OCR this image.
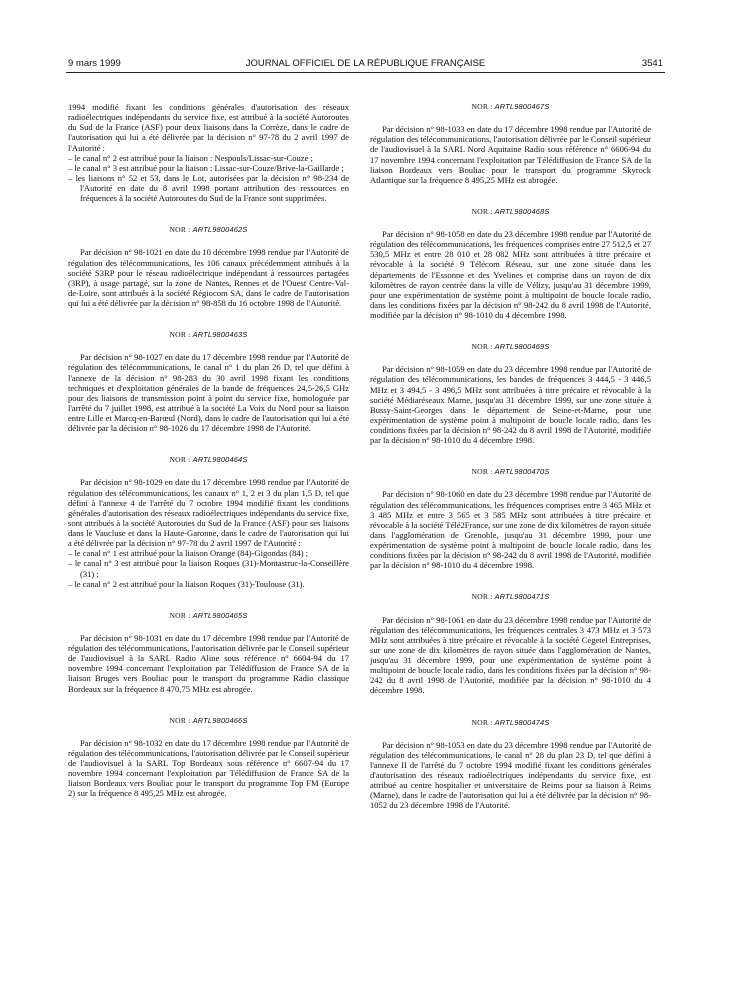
9 mars 1999	JOURNAL OFFICIEL DE LA RÉPUBLIQUE FRANÇAISE	3541

1994 modifié fixant les conditions générales d'autorisation des réseaux radioélectriques indépendants du service fixe, est attribué à la société Autoroutes du Sud de la France (ASF) pour deux liaisons dans la Corrèze, dans le cadre de l'autorisation qui lui a été délivrée par la décision n° 97-78 du 2 avril 1997 de l'Autorité :

– le canal n° 2 est attribué pour la liaison : Nespouls/Lissac-sur-Couze ;
– le canal n° 3 est attribué pour la liaison : Lissac-sur-Couze/Brive-la-Gaillarde ;
– les liaisons n° 52 et 53, dans le Lot, autorisées par la décision n° 98-234 de l'Autorité en date du 8 avril 1998 portant attribution des ressources en fréquences à la société Autoroutes du Sud de la France sont supprimées.
NOR : ARTL9800462S

Par décision n° 98-1021 en date du 10 décembre 1998 rendue par l'Autorité de régulation des télécommunications, les 106 canaux précédemment attribués à la société S3RP pour le réseau radioélectrique indépendant à ressources partagées (3RP), à usage partagé, sur la zone de Nantes, Rennes et de l'Ouest Centre-Val-de-Loire, sont attribués à la société Régiocom SA, dans le cadre de l'autorisation qui lui a été délivrée par la décision n° 98-858 du 16 octobre 1998 de l'Autorité.

NOR : ARTL9800463S

Par décision n° 98-1027 en date du 17 décembre 1998 rendue par l'Autorité de régulation des télécommunications, le canal n° 1 du plan 26 D, tel que défini à l'annexe de la décision n° 98-283 du 30 avril 1998 fixant les conditions techniques et d'exploitation générales de la bande de fréquences 24,5-26,5 GHz pour des liaisons de transmission point à point du service fixe, homologuée par l'arrêté du 7 juillet 1998, est attribué à la société La Voix du Nord pour sa liaison entre Lille et Marcq-en-Barœul (Nord), dans le cadre de l'autorisation qui lui a été délivrée par la décision n° 98-1026 du 17 décembre 1998 de l'Autorité.

NOR : ARTL9800464S

Par décision n° 98-1029 en date du 17 décembre 1998 rendue par l'Autorité de régulation des télécommunications, les canaux n° 1, 2 et 3 du plan 1,5 D, tel que défini à l'annexe 4 de l'arrêté du 7 octobre 1994 modifié fixant les conditions générales d'autorisation des réseaux radioélectriques indépendants du service fixe, sont attribués à la société Autoroutes du Sud de la France (ASF) pour ses liaisons dans le Vaucluse et dans la Haute-Garonne, dans le cadre de l'autorisation qui lui a été délivrée par la décision n° 97-78 du 2 avril 1997 de l'Autorité :

– le canal n° 1 est attribué pour la liaison Orange (84)-Gigondas (84) ;
– le canal n° 3 est attribué pour la liaison Roques (31)-Montastruc-la-Conseillère (31) ;
– le canal n° 2 est attribué pour la liaison Roques (31)-Toulouse (31).
NOR : ARTL9800465S

Par décision n° 98-1031 en date du 17 décembre 1998 rendue par l'Autorité de régulation des télécommunications, l'autorisation délivrée par le Conseil supérieur de l'audiovisuel à la SARL Radio Aline sous référence n° 6604-94 du 17 novembre 1994 concernant l'exploitation par Télédiffusion de France SA de la liaison Bruges vers Bouliac pour le transport du programme Radio classique Bordeaux sur la fréquence 8 470,75 MHz est abrogée.

NOR : ARTL9800466S

Par décision n° 98-1032 en date du 17 décembre 1998 rendue par l'Autorité de régulation des télécommunications, l'autorisation délivrée par le Conseil supérieur de l'audiovisuel à la SARL Top Bordeaux sous référence n° 6607-94 du 17 novembre 1994 concernant l'exploitation par Télédiffusion de France SA de la liaison Bordeaux vers Bouliac pour le transport du programme Top FM (Europe 2) sur la fréquence 8 495,25 MHz est abrogée.

NOR : ARTL9800467S

Par décision n° 98-1033 en date du 17 décembre 1998 rendue par l'Autorité de régulation des télécommunications, l'autorisation délivrée par le Conseil supérieur de l'audiovisuel à la SARL Nord Aquitaine Radio sous référence n° 6606-94 du 17 novembre 1994 concernant l'exploitation par Télédiffusion de France SA de la liaison Bordeaux vers Bouliac pour le transport du programme Skyrock Atlantique sur la fréquence 8 495,25 MHz est abrogée.

NOR : ARTL9800468S

Par décision n° 98-1058 en date du 23 décembre 1998 rendue par l'Autorité de régulation des télécommunications, les fréquences comprises entre 27 512,5 et 27 530,5 MHz et entre 28 010 et 28 082 MHz sont attribuées à titre précaire et révocable à la société 9 Télécom Réseau, sur une zone située dans les départements de l'Essonne et des Yvelines et comprise dans un rayon de dix kilomètres de rayon centrée dans la ville de Vélizy, jusqu'au 31 décembre 1999, pour une expérimentation de système point à multipoint de boucle locale radio, dans les conditions fixées par la décision n° 98-242 du 8 avril 1998 de l'Autorité, modifiée par la décision n° 98-1010 du 4 décembre 1998.

NOR : ARTL9800469S

Par décision n° 98-1059 en date du 23 décembre 1998 rendue par l'Autorité de régulation des télécommunications, les bandes de fréquences 3 444,5 - 3 446,5 MHz et 3 494,5 - 3 496,5 MHz sont attribuées à titre précaire et révocable à la société Médiaréseaux Marne, jusqu'au 31 décembre 1999, sur une zone située à Bussy-Saint-Georges dans le département de Seine-et-Marne, pour une expérimentation de système point à multipoint de boucle locale radio, dans les conditions fixées par la décision n° 98-242 du 8 avril 1998 de l'Autorité, modifiée par la décision n° 98-1010 du 4 décembre 1998.

NOR : ARTL9800470S

Par décision n° 98-1060 en date du 23 décembre 1998 rendue par l'Autorité de régulation des télécommunications, les fréquences comprises entre 3 465 MHz et 3 485 MHz et entre 3 565 et 3 585 MHz sont attribuées à titre précaire et révocable à la société Télé2France, sur une zone de dix kilomètres de rayon située dans l'agglomération de Grenoble, jusqu'au 31 décembre 1999, pour une expérimentation de système point à multipoint de boucle locale radio, dans les conditions fixées par la décision n° 98-242 du 8 avril 1998 de l'Autorité, modifiée par la décision n° 98-1010 du 4 décembre 1998.

NOR : ARTL9800471S

Par décision n° 98-1061 en date du 23 décembre 1998 rendue par l'Autorité de régulation des télécommunications, les fréquences centrales 3 473 MHz et 3 573 MHz sont attribuées à titre précaire et révocable à la société Cegetel Entreprises, sur une zone de dix kilomètres de rayon située dans l'agglomération de Nantes, jusqu'au 31 décembre 1999, pour une expérimentation de système point à multipoint de boucle locale radio, dans les conditions fixées par la décision n° 98-242 du 8 avril 1998 de l'Autorité, modifiée par la décision n° 98-1010 du 4 décembre 1998.

NOR : ARTL9800474S

Par décision n° 98-1053 en date du 23 décembre 1998 rendue par l'Autorité de régulation des télécommunications, le canal n° 28 du plan 23 D, tel que défini à l'annexe II de l'arrêté du 7 octobre 1994 modifié fixant les conditions générales d'autorisation des réseaux radioélectriques indépendants du service fixe, est attribué au centre hospitalier et universitaire de Reims pour sa liaison à Reims (Marne), dans le cadre de l'autorisation qui lui a été délivrée par la décision n° 98-1052 du 23 décembre 1998 de l'Autorité.
